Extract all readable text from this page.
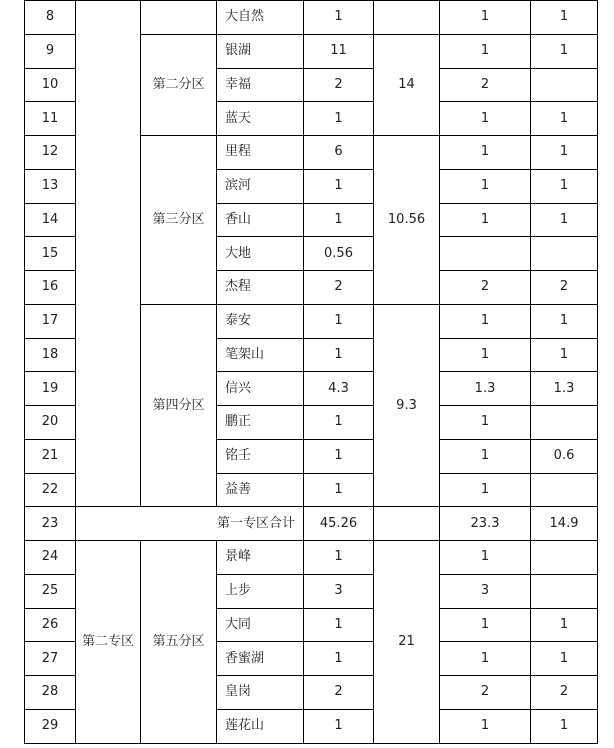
8			大自然	1		1	1
9		第二分区	银湖	11	14	1	1
10			幸福	2		2	
11			蓝天	1		1	1
12		第三分区	里程	6	10.56	1	1
13			滨河	1		1	1
14			香山	1		1	1
15			大地	0.56			
16			杰程	2		2	2
17		第四分区	泰安	1	9.3	1	1
18			笔架山	1		1	1
19			信兴	4.3		1.3	1.3
20			鹏正	1		1	
21			铭壬	1		1	0.6
22			益善	1		1	
23	第一专区合计			45.26		23.3	14.9
24	第二专区	第五分区	景峰	1	21	1	
25			上步	3		3	
26			大同	1		1	1
27			香蜜湖	1		1	1
28			皇岗	2		2	2
29			莲花山	1		1	1
